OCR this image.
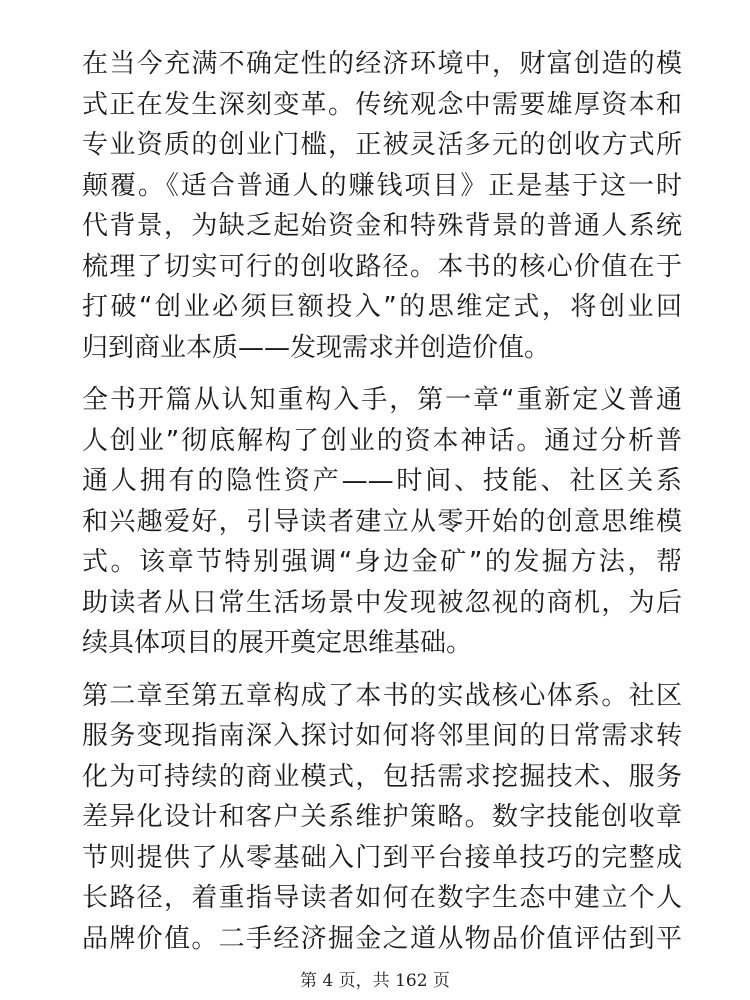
在当今充满不确定性的经济环境中，财富创造的模
式正在发生深刻变革。传统观念中需要雄厚资本和
专业资质的创业门槛，正被灵活多元的创收方式所
颠覆。《适合普通人的赚钱项目》正是基于这一时
代背景，为缺乏起始资金和特殊背景的普通人系统
梳理了切实可行的创收路径。本书的核心价值在于
打破“创业必须巨额投入”的思维定式，将创业回
归到商业本质——发现需求并创造价值。

全书开篇从认知重构入手，第一章“重新定义普通
人创业”彻底解构了创业的资本神话。通过分析普
通人拥有的隐性资产——时间、技能、社区关系
和兴趣爱好，引导读者建立从零开始的创意思维模
式。该章节特别强调“身边金矿”的发掘方法，帮
助读者从日常生活场景中发现被忽视的商机，为后
续具体项目的展开奠定思维基础。

第二章至第五章构成了本书的实战核心体系。社区
服务变现指南深入探讨如何将邻里间的日常需求转
化为可持续的商业模式，包括需求挖掘技术、服务
差异化设计和客户关系维护策略。数字技能创收章
节则提供了从零基础入门到平台接单技巧的完整成
长路径，着重指导读者如何在数字生态中建立个人
品牌价值。二手经济掘金之道从物品价值评估到平

第 4 页，共 162 页
